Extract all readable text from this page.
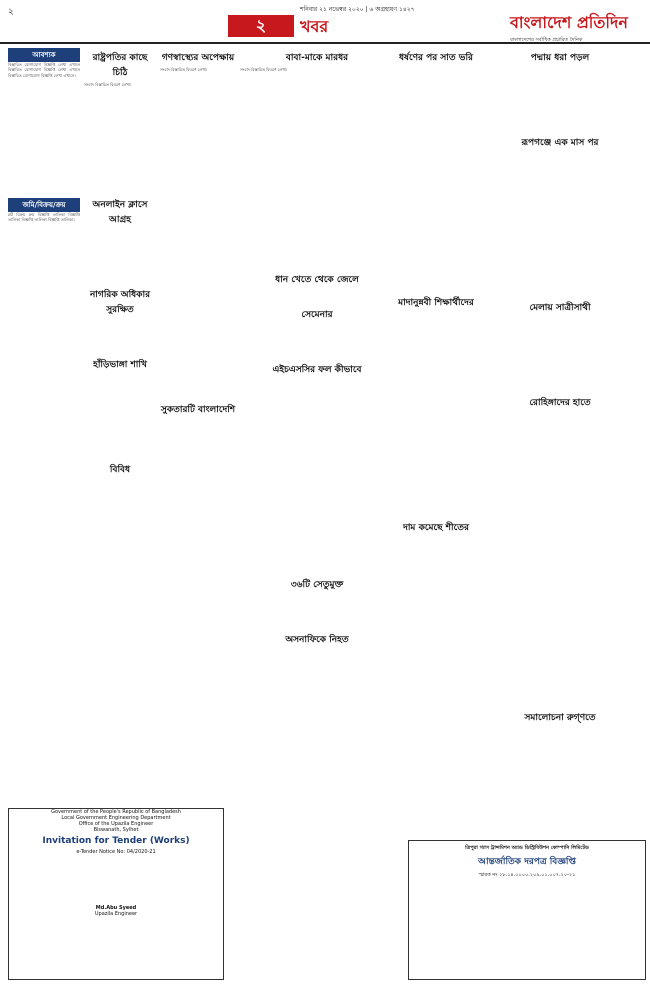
২	শনিবার ২১ নভেম্বর ২০২০ | ৬ অগ্রহায়ণ ১৪২৭
২	খবর	বাংলাদেশ প্রতিদিন
বাংলাদেশের সর্বাধিক প্রচারিত দৈনিক
আবশ্যক

বিস্তারিত যোগাযোগ বিজ্ঞপ্তি লেখা এখানে বিস্তারিত যোগাযোগ বিজ্ঞপ্তি লেখা এখানে বিস্তারিত যোগাযোগ বিজ্ঞপ্তি লেখা এখানে।

জমি/বিক্রয়/ক্রয়

প্লট বিক্রয় ক্রয় বিজ্ঞপ্তি তালিকা বিজ্ঞপ্তি তালিকা বিজ্ঞপ্তি তালিকা বিজ্ঞপ্তি তালিকা।

রাষ্ট্রপতির কাছে চিঠি

সংবাদ বিস্তারিত বিবরণ লেখা।

অনলাইন ক্লাসে আগ্রহ
নাগরিক অধিকার সুরক্ষিত
হাঁড়িভাঙ্গা শাখি
বিবিধ
গণস্বাস্থ্যের অপেক্ষায়

সংবাদ বিস্তারিত বিবরণ লেখা।

সুকতারটি বাংলাদেশি
বাবা-মাকে মারধর

সংবাদ বিস্তারিত বিবরণ লেখা।

ধান খেতে থেকে জেলে
সেমেনার
এইচএসসির ফল কীভাবে
৩৬টি সেতুমুক্ত
অসনাফিকে নিহত
ধর্ষণের পর সাত ভরি
মাদানুন্নবী শিক্ষার্থীদের
দাম কমেছে শীতের
পদ্মায় ধরা পড়ল
রূপগঞ্জে এক মাস পর
মেলায় সাত্রীসাথী
রোহিঙ্গাদের হাতে
সমালোচনা রুগ্ণতে
Government of the People's Republic of Bangladesh
Local Government Engineering Department
Office of the Upazila Engineer
Biswanath, Sylhet
Invitation for Tender (Works)
e-Tender Notice No: 04/2020-21
Md.Abu Syeed
Upazila Engineer
ত্রিপুরা গ্যাস ট্রান্সমিশন অ্যান্ড ডিস্ট্রিবিউশন কোম্পানি লিমিটেড
আন্তর্জাতিক দরপত্র বিজ্ঞপ্তি
স্মারক নং ২৮.১৪.০০০০.২০৯.০১.০০৭.২০-২১
